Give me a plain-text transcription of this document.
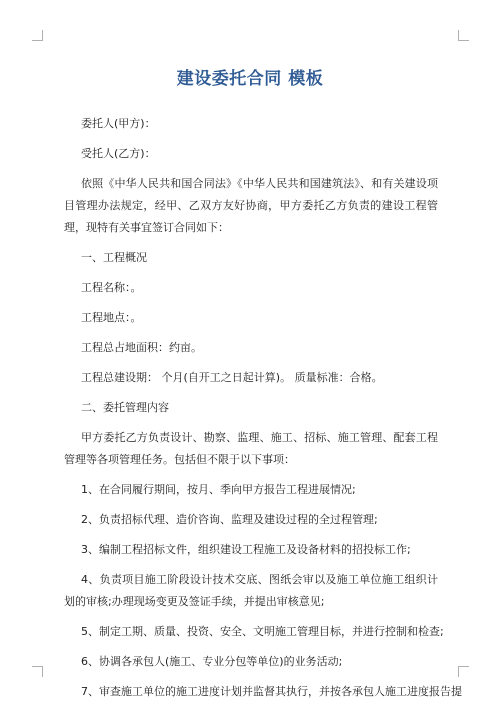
建设委托合同 模板

委托人(甲方)：

受托人(乙方)：

依照《中华人民共和国合同法》《中华人民共和国建筑法》、和有关建设项目管理办法规定，经甲、乙双方友好协商，甲方委托乙方负责的建设工程管理，现特有关事宜签订合同如下：

一、工程概况

工程名称：。

工程地点：。

工程总占地面积：约亩。

工程总建设期： 个月(自开工之日起计算)。 质量标准：合格。

二、委托管理内容

甲方委托乙方负责设计、勘察、监理、施工、招标、施工管理、配套工程管理等各项管理任务。包括但不限于以下事项：

1、在合同履行期间，按月、季向甲方报告工程进展情况;

2、负责招标代理、造价咨询、监理及建设过程的全过程管理;

3、编制工程招标文件，组织建设工程施工及设备材料的招投标工作;

4、负责项目施工阶段设计技术交底、图纸会审以及施工单位施工组织计划的审核;办理现场变更及签证手续，并提出审核意见;

5、制定工期、质量、投资、安全、文明施工管理目标，并进行控制和检查;

6、协调各承包人(施工、专业分包等单位)的业务活动;

7、审查施工单位的施工进度计划并监督其执行，并按各承包人施工进度报告提
